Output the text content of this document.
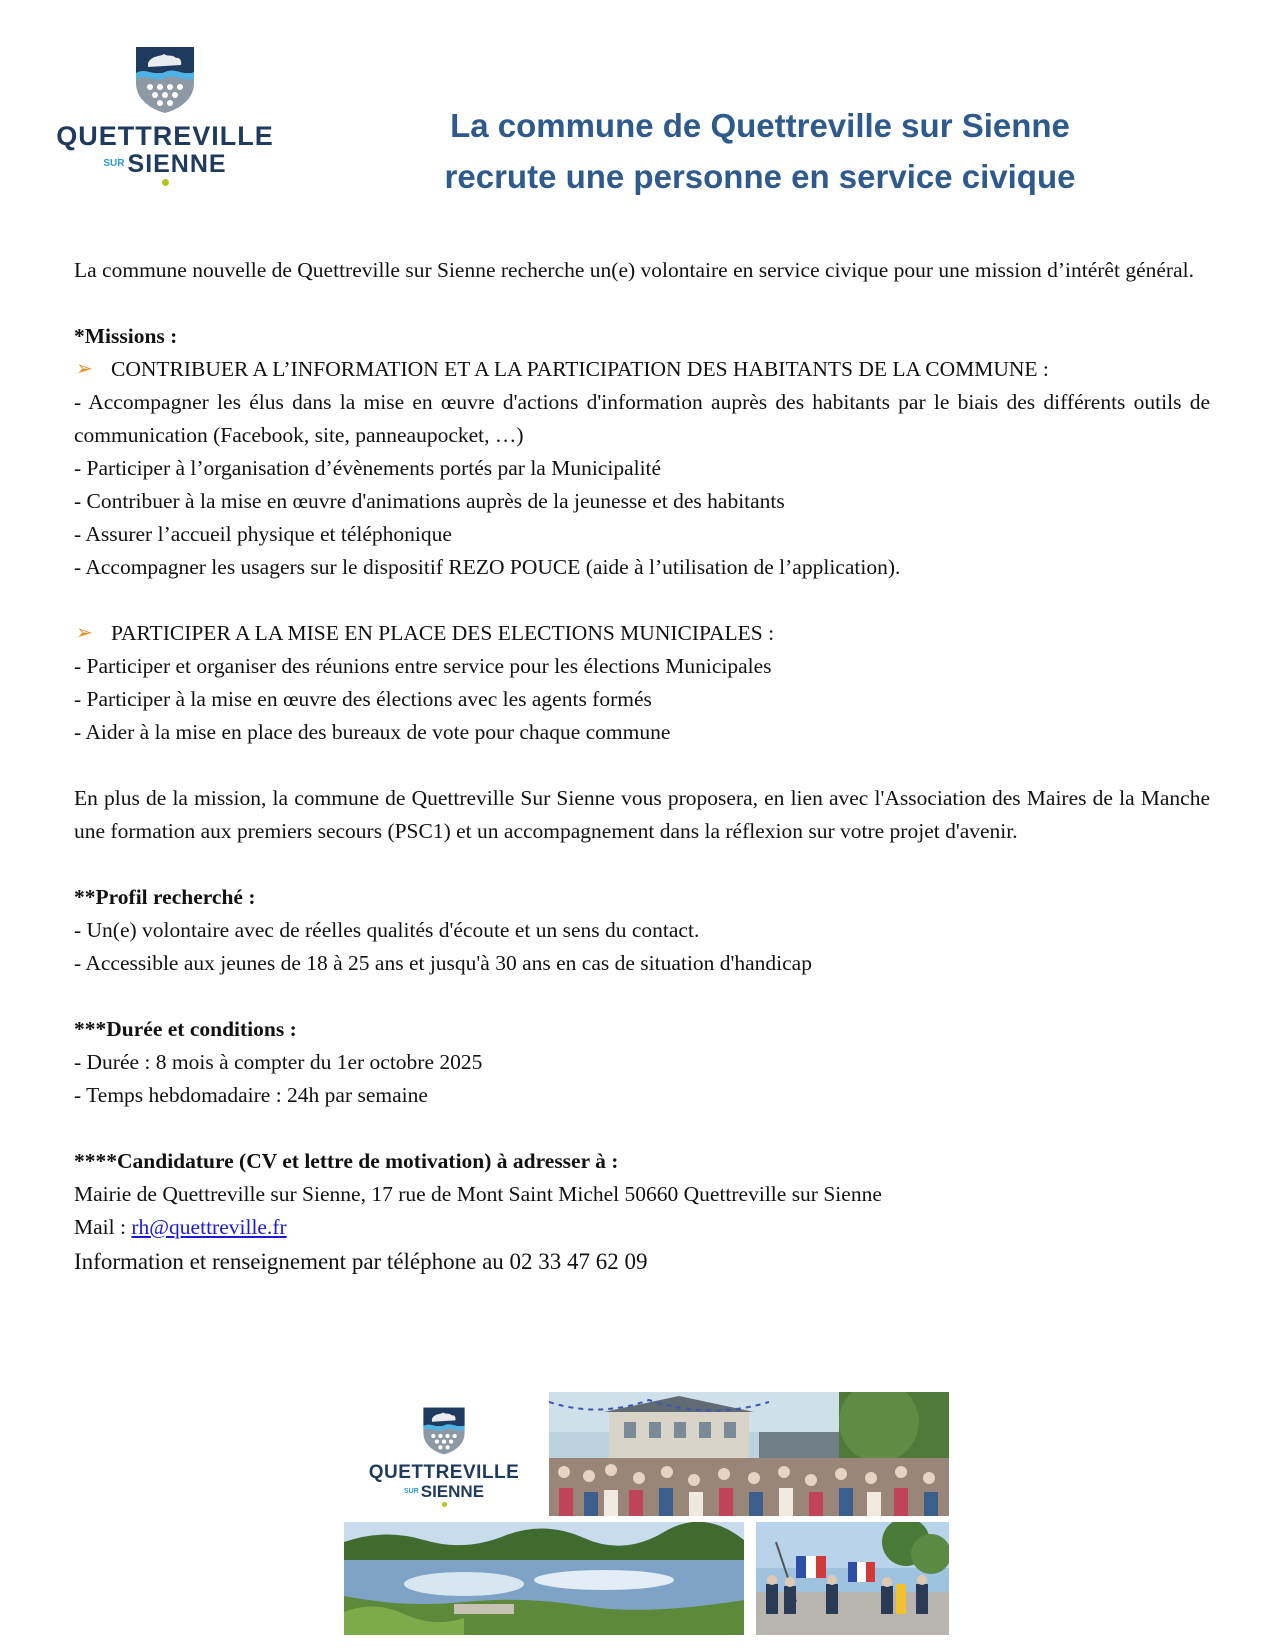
QUETTREVILLE
$^{SUR}$ SIENNE
La commune de Quettreville sur Sienne
recrute une personne en service civique

La commune nouvelle de Quettreville sur Sienne recherche un(e) volontaire en service civique pour une mission d’intérêt général.

*Missions :

➢ CONTRIBUER A L’INFORMATION ET A LA PARTICIPATION DES HABITANTS DE LA COMMUNE :

- Accompagner les élus dans la mise en œuvre d'actions d'information auprès des habitants par le biais des différents outils de communication (Facebook, site, panneaupocket, …)

- Participer à l’organisation d’évènements portés par la Municipalité

- Contribuer à la mise en œuvre d'animations auprès de la jeunesse et des habitants

- Assurer l’accueil physique et téléphonique

- Accompagner les usagers sur le dispositif REZO POUCE (aide à l’utilisation de l’application).

➢ PARTICIPER A LA MISE EN PLACE DES ELECTIONS MUNICIPALES :

- Participer et organiser des réunions entre service pour les élections Municipales

- Participer à la mise en œuvre des élections avec les agents formés

- Aider à la mise en place des bureaux de vote pour chaque commune

En plus de la mission, la commune de Quettreville Sur Sienne vous proposera, en lien avec l'Association des Maires de la Manche une formation aux premiers secours (PSC1) et un accompagnement dans la réflexion sur votre projet d'avenir.

**Profil recherché :

- Un(e) volontaire avec de réelles qualités d'écoute et un sens du contact.

- Accessible aux jeunes de 18 à 25 ans et jusqu'à 30 ans en cas de situation d'handicap

***Durée et conditions :

- Durée : 8 mois à compter du 1er octobre 2025

- Temps hebdomadaire : 24h par semaine

****Candidature (CV et lettre de motivation) à adresser à :

Mairie de Quettreville sur Sienne, 17 rue de Mont Saint Michel 50660 Quettreville sur Sienne

Mail : rh@quettreville.fr

Information et renseignement par téléphone au 02 33 47 62 09

QUETTREVILLE
$^{SUR}$ SIENNE
